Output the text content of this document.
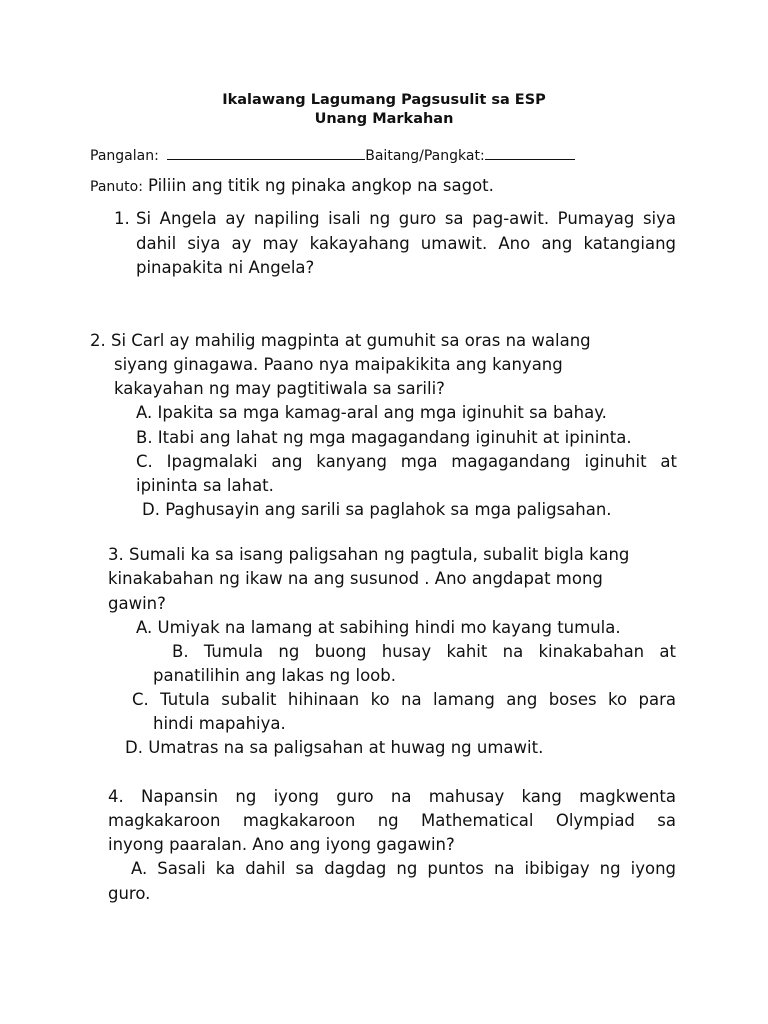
Ikalawang Lagumang Pagsusulit sa ESP
Unang Markahan
Pangalan:	Baitang/Pangkat:
Panuto: Piliin ang titik ng pinaka angkop na sagot.
1. Si Angela ay napiling isali ng guro sa pag-awit. Pumayag siya
dahil siya ay may kakayahang umawit. Ano ang katangiang
pinapakita ni Angela?
2. Si Carl ay mahilig magpinta at gumuhit sa oras na walang
siyang ginagawa. Paano nya maipakikita ang kanyang
kakayahan ng may pagtitiwala sa sarili?
A. Ipakita sa mga kamag-aral ang mga iginuhit sa bahay.
B. Itabi ang lahat ng mga magagandang iginuhit at ipininta.
C. Ipagmalaki ang kanyang mga magagandang iginuhit at
ipininta sa lahat.
D. Paghusayin ang sarili sa paglahok sa mga paligsahan.
3. Sumali ka sa isang paligsahan ng pagtula, subalit bigla kang
kinakabahan ng ikaw na ang susunod . Ano angdapat mong
gawin?
A. Umiyak na lamang at sabihing hindi mo kayang tumula.
B. Tumula ng buong husay kahit na kinakabahan at
panatilihin ang lakas ng loob.
C. Tutula subalit hihinaan ko na lamang ang boses ko para
hindi mapahiya.
D. Umatras na sa paligsahan at huwag ng umawit.
4. Napansin ng iyong guro na mahusay kang magkwenta
magkakaroon magkakaroon ng Mathematical Olympiad sa
inyong paaralan. Ano ang iyong gagawin?
A. Sasali ka dahil sa dagdag ng puntos na ibibigay ng iyong
guro.
